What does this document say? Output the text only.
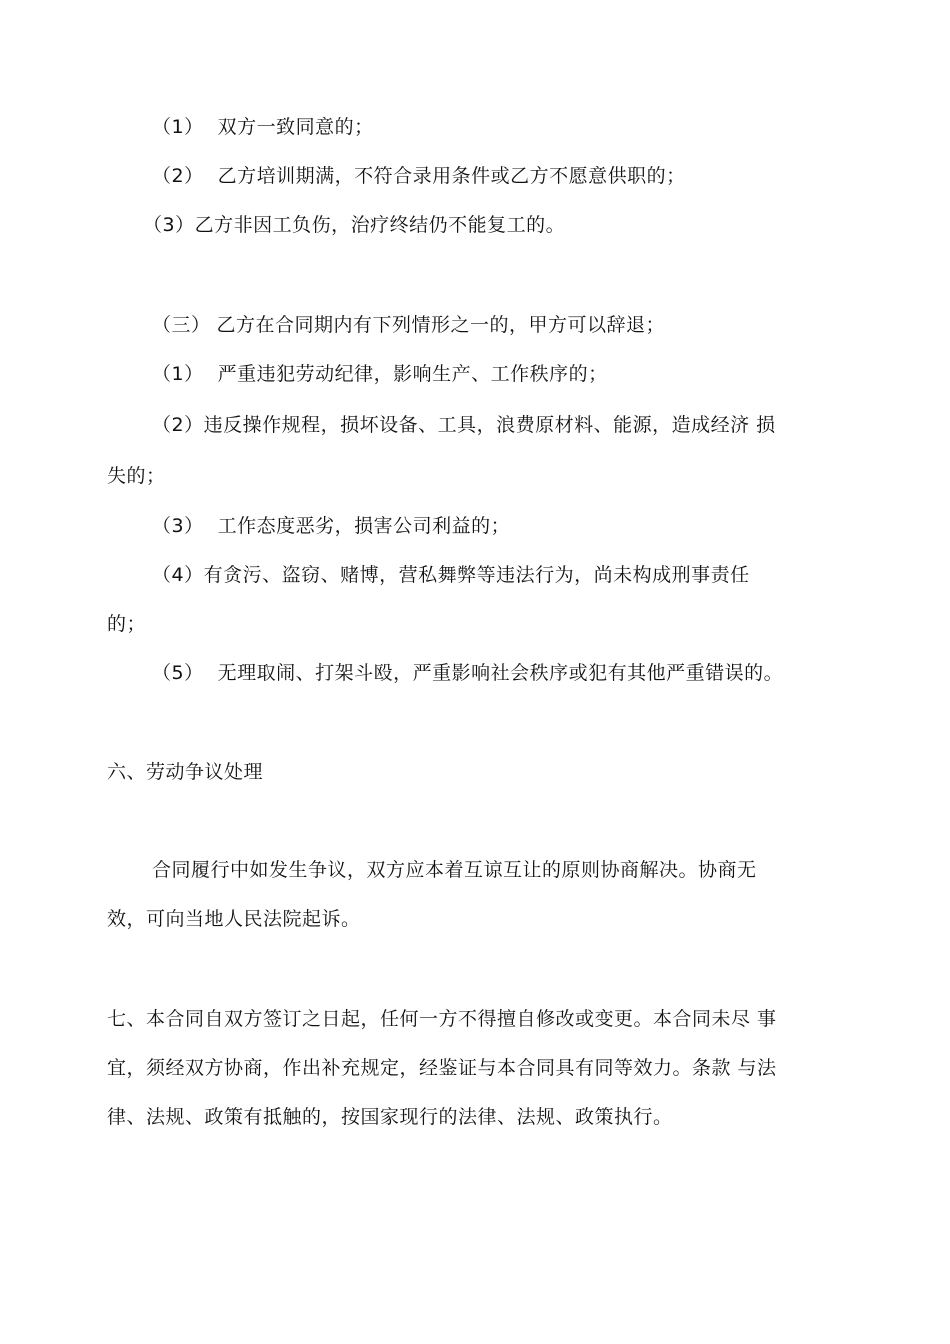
（1） 双方一致同意的；
（2） 乙方培训期满，不符合录用条件或乙方不愿意供职的；
（3）乙方非因工负伤，治疗终结仍不能复工的。
（三） 乙方在合同期内有下列情形之一的，甲方可以辞退；
（1） 严重违犯劳动纪律，影响生产、工作秩序的；
（2）违反操作规程，损坏设备、工具，浪费原材料、能源，造成经济 损
失的；
（3） 工作态度恶劣，损害公司利益的；
（4）有贪污、盗窃、赌博，营私舞弊等违法行为，尚未构成刑事责任
的；
（5） 无理取闹、打架斗殴，严重影响社会秩序或犯有其他严重错误的。
六、劳动争议处理
合同履行中如发生争议，双方应本着互谅互让的原则协商解决。协商无
效，可向当地人民法院起诉。
七、本合同自双方签订之日起，任何一方不得擅自修改或变更。本合同未尽 事
宜，须经双方协商，作出补充规定，经鉴证与本合同具有同等效力。条款 与法
律、法规、政策有抵触的，按国家现行的法律、法规、政策执行。
